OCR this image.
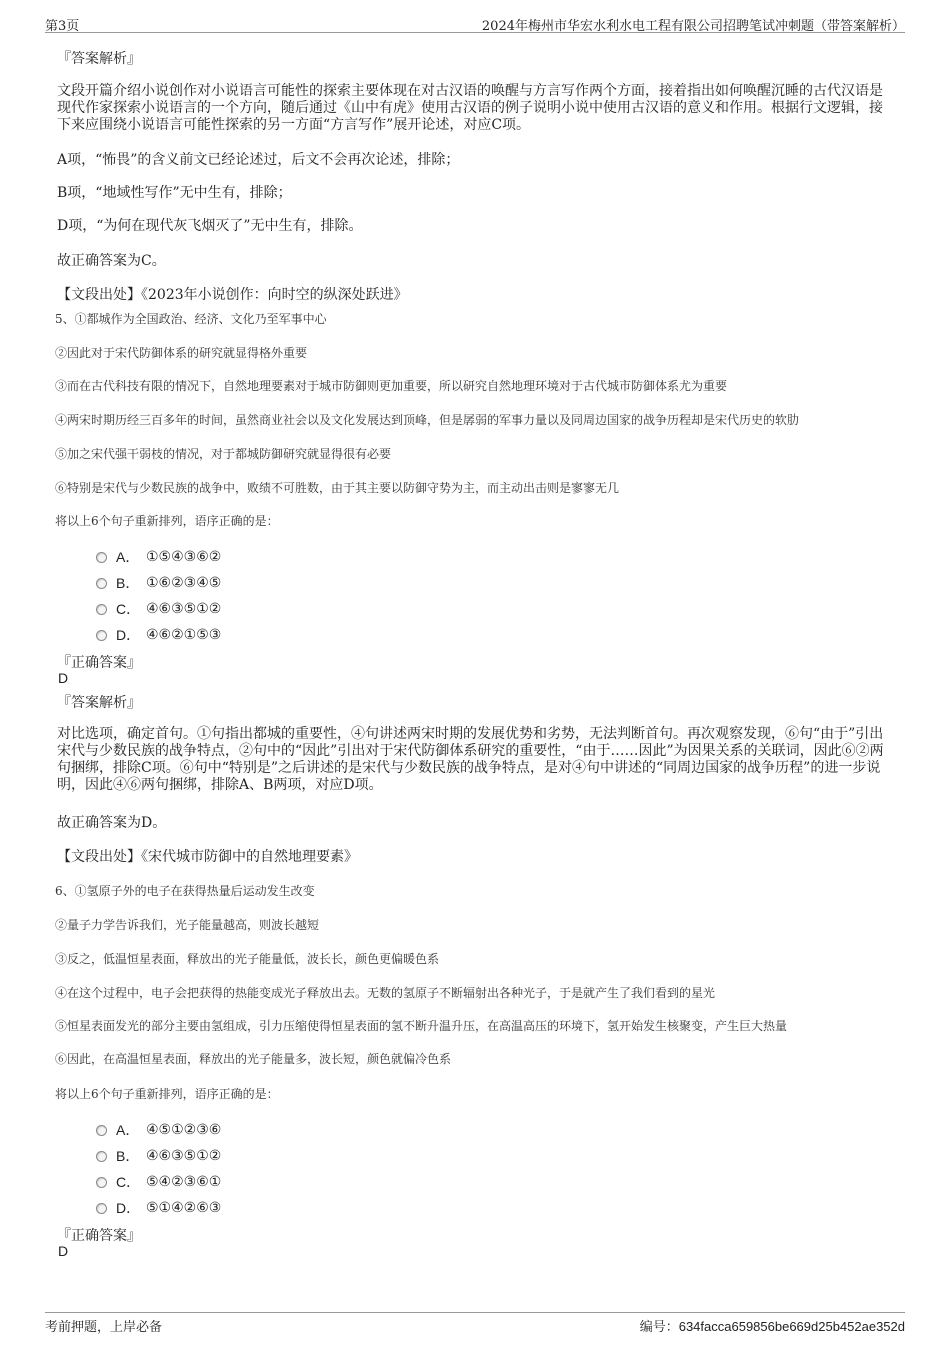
第3页	2024年梅州市华宏水利水电工程有限公司招聘笔试冲刺题（带答案解析）
『答案解析』
文段开篇介绍小说创作对小说语言可能性的探索主要体现在对古汉语的唤醒与方言写作两个方面，接着指出如何唤醒沉睡的古代汉语是现代作家探索小说语言的一个方向，随后通过《山中有虎》使用古汉语的例子说明小说中使用古汉语的意义和作用。根据行文逻辑，接下来应围绕小说语言可能性探索的另一方面“方言写作”展开论述，对应C项。
A项，“怖畏”的含义前文已经论述过，后文不会再次论述，排除；
B项，“地域性写作”无中生有，排除；
D项，“为何在现代灰飞烟灭了”无中生有，排除。
故正确答案为C。
【文段出处】《2023年小说创作：向时空的纵深处跃进》
5、①都城作为全国政治、经济、文化乃至军事中心
②因此对于宋代防御体系的研究就显得格外重要
③而在古代科技有限的情况下，自然地理要素对于城市防御则更加重要，所以研究自然地理环境对于古代城市防御体系尤为重要
④两宋时期历经三百多年的时间，虽然商业社会以及文化发展达到顶峰，但是孱弱的军事力量以及同周边国家的战争历程却是宋代历史的软肋
⑤加之宋代强干弱枝的情况，对于都城防御研究就显得很有必要
⑥特别是宋代与少数民族的战争中，败绩不可胜数，由于其主要以防御守势为主，而主动出击则是寥寥无几
将以上6个句子重新排列，语序正确的是：
A． ①⑤④③⑥②
B． ①⑥②③④⑤
C． ④⑥③⑤①②
D． ④⑥②①⑤③
『正确答案』
D
『答案解析』
对比选项，确定首句。①句指出都城的重要性，④句讲述两宋时期的发展优势和劣势，无法判断首句。再次观察发现，⑥句“由于”引出宋代与少数民族的战争特点，②句中的“因此”引出对于宋代防御体系研究的重要性，“由于……因此”为因果关系的关联词，因此⑥②两句捆绑，排除C项。⑥句中“特别是”之后讲述的是宋代与少数民族的战争特点，是对④句中讲述的“同周边国家的战争历程”的进一步说明，因此④⑥两句捆绑，排除A、B两项，对应D项。
故正确答案为D。
【文段出处】《宋代城市防御中的自然地理要素》
6、①氢原子外的电子在获得热量后运动发生改变
②量子力学告诉我们，光子能量越高，则波长越短
③反之，低温恒星表面，释放出的光子能量低，波长长，颜色更偏暖色系
④在这个过程中，电子会把获得的热能变成光子释放出去。无数的氢原子不断辐射出各种光子，于是就产生了我们看到的星光
⑤恒星表面发光的部分主要由氢组成，引力压缩使得恒星表面的氢不断升温升压，在高温高压的环境下，氢开始发生核聚变，产生巨大热量
⑥因此，在高温恒星表面，释放出的光子能量多，波长短，颜色就偏冷色系
将以上6个句子重新排列，语序正确的是：
A． ④⑤①②③⑥
B． ④⑥③⑤①②
C． ⑤④②③⑥①
D． ⑤①④②⑥③
『正确答案』
D
考前押题，上岸必备	编号：634facca659856be669d25b452ae352d
